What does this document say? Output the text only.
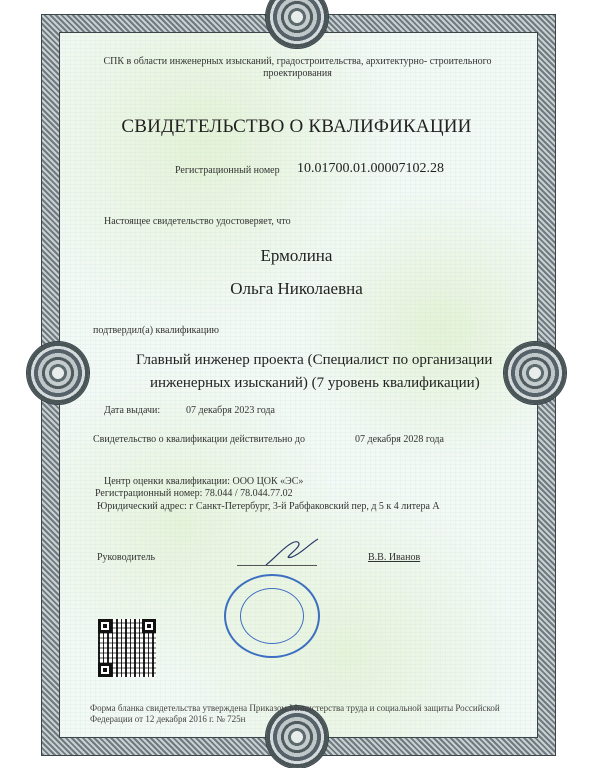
СПК в области инженерных изысканий, градостроительства, архитектурно- строительного проектирования
СВИДЕТЕЛЬСТВО О КВАЛИФИКАЦИИ
Регистрационный номер 10.01700.01.00007102.28
Настоящее свидетельство удостоверяет, что
Ермолина
Ольга Николаевна
подтвердил(а) квалификацию
Главный инженер проекта (Специалист по организации
инженерных изысканий) (7 уровень квалификации)
Дата выдачи:	07 декабря 2023 года
Свидетельство о квалификации действительно до	07 декабря 2028 года
Центр оценки квалификации: ООО ЦОК «ЭС»
Регистрационный номер: 78.044 / 78.044.77.02
Юридический адрес: г Санкт-Петербург, 3-й Рабфаковский пер, д 5 к 4 литера А
Руководитель	В.В. Иванов
Форма бланка свидетельства утверждена Приказом Министерства труда и социальной защиты Российской Федерации от 12 декабря 2016 г. № 725н
